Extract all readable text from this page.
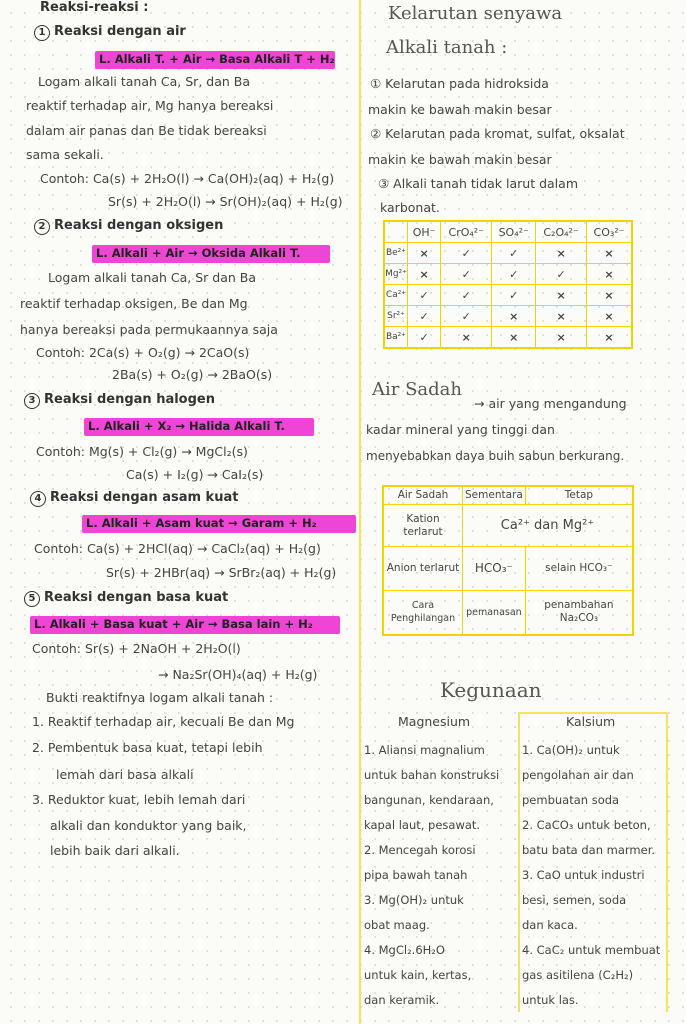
Reaksi-reaksi :
1 Reaksi dengan air
L. Alkali T. + Air → Basa Alkali T + H₂
Logam alkali tanah Ca, Sr, dan Ba
reaktif terhadap air, Mg hanya bereaksi
dalam air panas dan Be tidak bereaksi
sama sekali.
Contoh: Ca(s) + 2H₂O(l) → Ca(OH)₂(aq) + H₂(g)
Sr(s) + 2H₂O(l) → Sr(OH)₂(aq) + H₂(g)
2 Reaksi dengan oksigen
L. Alkali + Air → Oksida Alkali T.
Logam alkali tanah Ca, Sr dan Ba
reaktif terhadap oksigen, Be dan Mg
hanya bereaksi pada permukaannya saja
Contoh: 2Ca(s) + O₂(g) → 2CaO(s)
2Ba(s) + O₂(g) → 2BaO(s)
3 Reaksi dengan halogen
L. Alkali + X₂ → Halida Alkali T.
Contoh: Mg(s) + Cl₂(g) → MgCl₂(s)
Ca(s) + I₂(g) → CaI₂(s)
4 Reaksi dengan asam kuat
L. Alkali + Asam kuat → Garam + H₂
Contoh: Ca(s) + 2HCl(aq) → CaCl₂(aq) + H₂(g)
Sr(s) + 2HBr(aq) → SrBr₂(aq) + H₂(g)
5 Reaksi dengan basa kuat
L. Alkali + Basa kuat + Air → Basa lain + H₂
Contoh: Sr(s) + 2NaOH + 2H₂O(l)
→ Na₂Sr(OH)₄(aq) + H₂(g)
Bukti reaktifnya logam alkali tanah :
1. Reaktif terhadap air, kecuali Be dan Mg
2. Pembentuk basa kuat, tetapi lebih
lemah dari basa alkali
3. Reduktor kuat, lebih lemah dari
alkali dan konduktor yang baik,
lebih baik dari alkali.
Kelarutan senyawa
Alkali tanah :
① Kelarutan pada hidroksida
makin ke bawah makin besar
② Kelarutan pada kromat, sulfat, oksalat
makin ke bawah makin besar
③ Alkali tanah tidak larut dalam
karbonat.
	OH⁻	CrO₄²⁻	SO₄²⁻	C₂O₄²⁻	CO₃²⁻
Be²⁺	×	✓	✓	×	×
Mg²⁺	×	✓	✓	✓	×
Ca²⁺	✓	✓	✓	×	×
Sr²⁺	✓	✓	×	×	×
Ba²⁺	✓	×	×	×	×
Air Sadah
→ air yang mengandung
kadar mineral yang tinggi dan
menyebabkan daya buih sabun berkurang.
Air Sadah	Sementara	Tetap
Kation terlarut	Ca²⁺ dan Mg²⁺	
Anion terlarut	HCO₃⁻	selain HCO₃⁻
Cara Penghilangan	pemanasan	penambahan Na₂CO₃
Kegunaan
Magnesium	Kalsium
1. Aliansi magnalium
untuk bahan konstruksi
bangunan, kendaraan,
kapal laut, pesawat.
2. Mencegah korosi
pipa bawah tanah
3. Mg(OH)₂ untuk
obat maag.
4. MgCl₂.6H₂O
untuk kain, kertas,
dan keramik.
1. Ca(OH)₂ untuk
pengolahan air dan
pembuatan soda
2. CaCO₃ untuk beton,
batu bata dan marmer.
3. CaO untuk industri
besi, semen, soda
dan kaca.
4. CaC₂ untuk membuat
gas asitilena (C₂H₂)
untuk las.
